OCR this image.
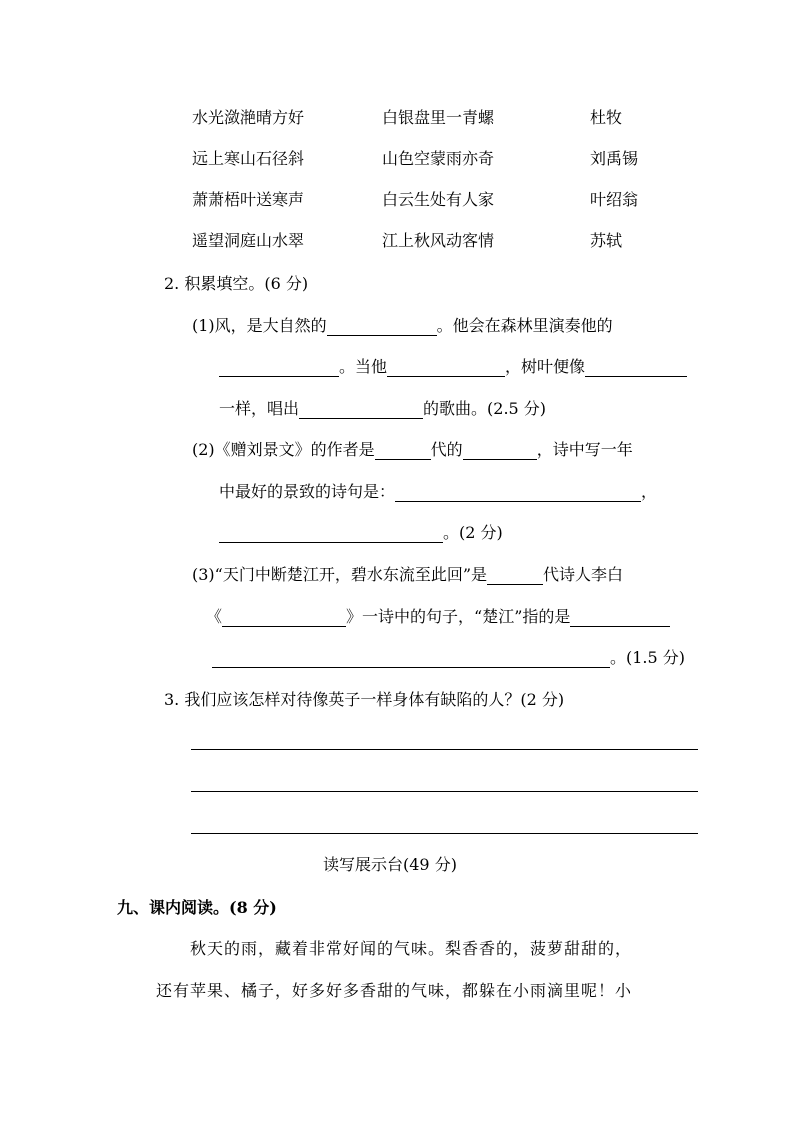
水光潋滟晴方好	白银盘里一青螺	杜牧
远上寒山石径斜	山色空蒙雨亦奇	刘禹锡
萧萧梧叶送寒声	白云生处有人家	叶绍翁
遥望洞庭山水翠	江上秋风动客情	苏轼
2. 积累填空。(6 分)
(1)风，是大自然的	。他会在森林里演奏他的
。当他	，树叶便像
一样，唱出	的歌曲。(2.5 分)
(2)《赠刘景文》的作者是	代的	，诗中写一年
中最好的景致的诗句是：	，
。(2 分)
(3)“天门中断楚江开，碧水东流至此回”是	代诗人李白
《	》一诗中的句子，“楚江”指的是
。(1.5 分)
3. 我们应该怎样对待像英子一样身体有缺陷的人？(2 分)
读写展示台(49 分)
九、课内阅读。(8 分)
秋天的雨，藏着非常好闻的气味。梨香香的，菠萝甜甜的，
还有苹果、橘子，好多好多香甜的气味，都躲在小雨滴里呢！小
